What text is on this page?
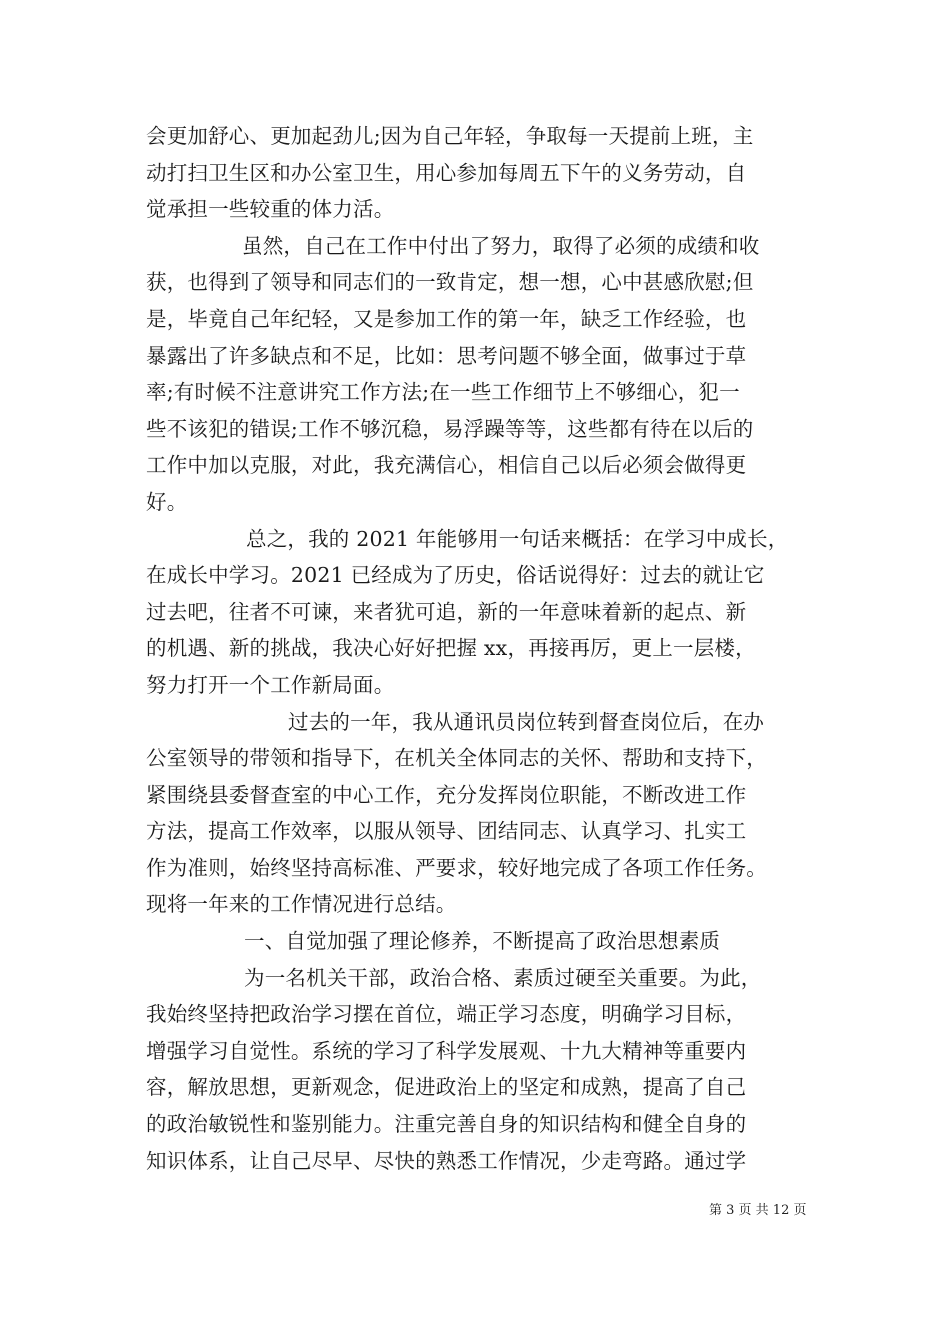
会更加舒心、更加起劲儿;因为自己年轻，争取每一天提前上班，主
动打扫卫生区和办公室卫生，用心参加每周五下午的义务劳动，自
觉承担一些较重的体力活。
虽然，自己在工作中付出了努力，取得了必须的成绩和收
获，也得到了领导和同志们的一致肯定，想一想，心中甚感欣慰;但
是，毕竟自己年纪轻，又是参加工作的第一年，缺乏工作经验，也
暴露出了许多缺点和不足，比如：思考问题不够全面，做事过于草
率;有时候不注意讲究工作方法;在一些工作细节上不够细心，犯一
些不该犯的错误;工作不够沉稳，易浮躁等等，这些都有待在以后的
工作中加以克服，对此，我充满信心，相信自己以后必须会做得更
好。
总之，我的 2021 年能够用一句话来概括：在学习中成长，
在成长中学习。2021 已经成为了历史，俗话说得好：过去的就让它
过去吧，往者不可谏，来者犹可追，新的一年意味着新的起点、新
的机遇、新的挑战，我决心好好把握 xx，再接再厉，更上一层楼，
努力打开一个工作新局面。
过去的一年，我从通讯员岗位转到督查岗位后，在办
公室领导的带领和指导下，在机关全体同志的关怀、帮助和支持下，
紧围绕县委督查室的中心工作，充分发挥岗位职能，不断改进工作
方法，提高工作效率，以服从领导、团结同志、认真学习、扎实工
作为准则，始终坚持高标准、严要求，较好地完成了各项工作任务。
现将一年来的工作情况进行总结。
一、自觉加强了理论修养，不断提高了政治思想素质
为一名机关干部，政治合格、素质过硬至关重要。为此，
我始终坚持把政治学习摆在首位，端正学习态度，明确学习目标，
增强学习自觉性。系统的学习了科学发展观、十九大精神等重要内
容，解放思想，更新观念，促进政治上的坚定和成熟，提高了自己
的政治敏锐性和鉴别能力。注重完善自身的知识结构和健全自身的
知识体系，让自己尽早、尽快的熟悉工作情况，少走弯路。通过学
第 3 页 共 12 页
